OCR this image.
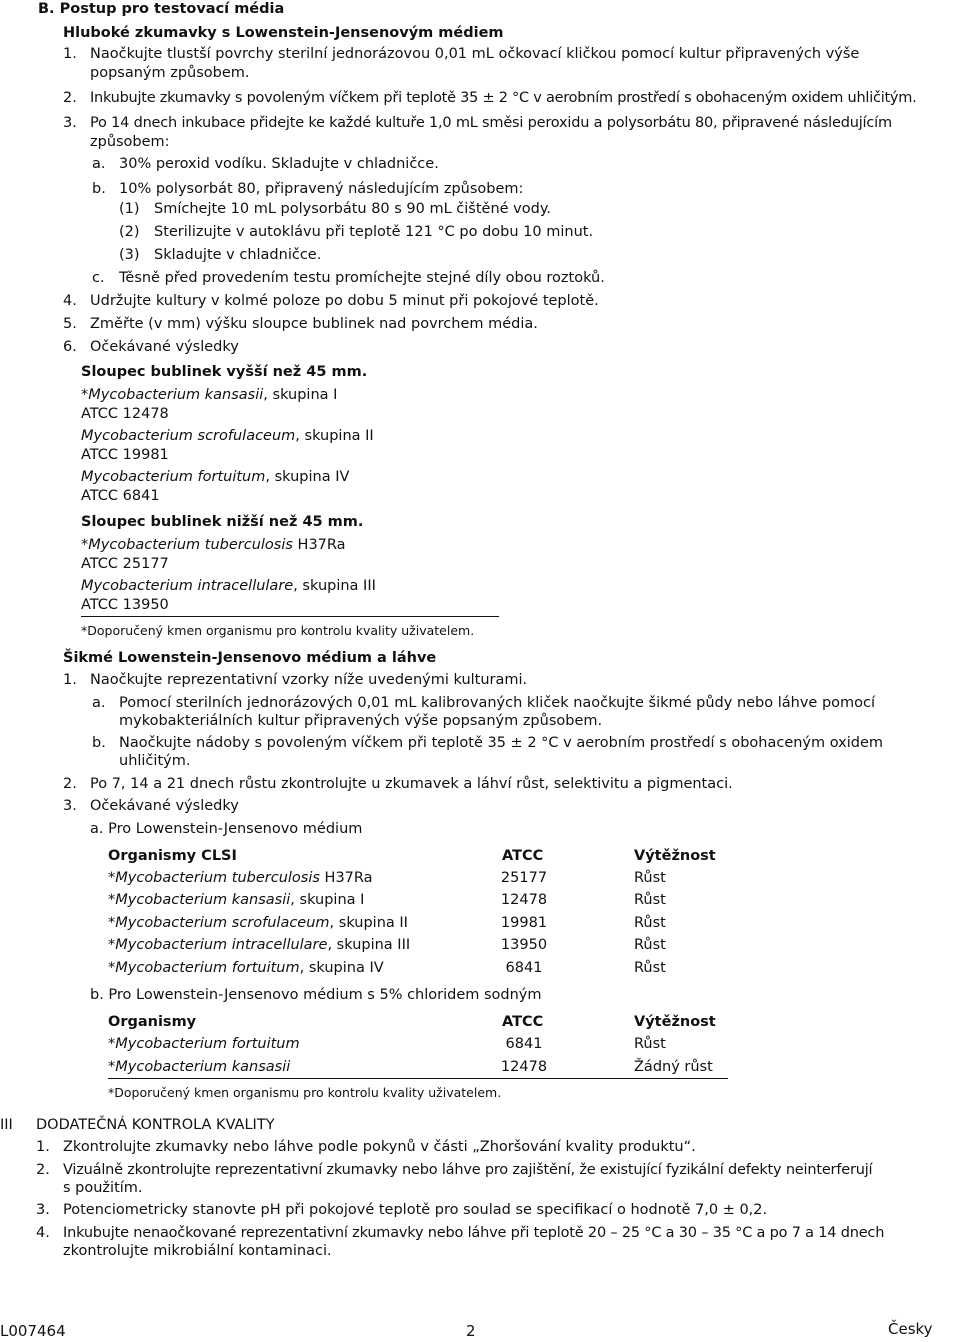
B. Postup pro testovací média
Hluboké zkumavky s Lowenstein-Jensenovým médiem
1. Naočkujte tlustší povrchy sterilní jednorázovou 0,01 mL očkovací kličkou pomocí kultur připravených výše
popsaným způsobem.
2. Inkubujte zkumavky s povoleným víčkem při teplotě 35 ± 2 °C v aerobním prostředí s obohaceným oxidem uhličitým.
3. Po 14 dnech inkubace přidejte ke každé kultuře 1,0 mL směsi peroxidu a polysorbátu 80, připravené následujícím
způsobem:
a. 30% peroxid vodíku. Skladujte v chladničce.
b. 10% polysorbát 80, připravený následujícím způsobem:
(1) Smíchejte 10 mL polysorbátu 80 s 90 mL čištěné vody.
(2) Sterilizujte v autoklávu při teplotě 121 °C po dobu 10 minut.
(3) Skladujte v chladničce.
c. Těsně před provedením testu promíchejte stejné díly obou roztoků.
4. Udržujte kultury v kolmé poloze po dobu 5 minut při pokojové teplotě.
5. Změřte (v mm) výšku sloupce bublinek nad povrchem média.
6. Očekávané výsledky
Sloupec bublinek vyšší než 45 mm.
*Mycobacterium kansasii, skupina I
ATCC 12478
Mycobacterium scrofulaceum, skupina II
ATCC 19981
Mycobacterium fortuitum, skupina IV
ATCC 6841
Sloupec bublinek nižší než 45 mm.
*Mycobacterium tuberculosis H37Ra
ATCC 25177
Mycobacterium intracellulare, skupina III
ATCC 13950
*Doporučený kmen organismu pro kontrolu kvality uživatelem.
Šikmé Lowenstein-Jensenovo médium a láhve
1. Naočkujte reprezentativní vzorky níže uvedenými kulturami.
a. Pomocí sterilních jednorázových 0,01 mL kalibrovaných kliček naočkujte šikmé půdy nebo láhve pomocí
mykobakteriálních kultur připravených výše popsaným způsobem.
b. Naočkujte nádoby s povoleným víčkem při teplotě 35 ± 2 °C v aerobním prostředí s obohaceným oxidem
uhličitým.
2. Po 7, 14 a 21 dnech růstu zkontrolujte u zkumavek a láhví růst, selektivitu a pigmentaci.
3. Očekávané výsledky
a. Pro Lowenstein-Jensenovo médium
Organismy CLSI	ATCC	Výtěžnost
*Mycobacterium tuberculosis H37Ra	25177	Růst
*Mycobacterium kansasii, skupina I	12478	Růst
*Mycobacterium scrofulaceum, skupina II	19981	Růst
*Mycobacterium intracellulare, skupina III	13950	Růst
*Mycobacterium fortuitum, skupina IV	6841	Růst
b. Pro Lowenstein-Jensenovo médium s 5% chloridem sodným
Organismy	ATCC	Výtěžnost
*Mycobacterium fortuitum	6841	Růst
*Mycobacterium kansasii	12478	Žádný růst
*Doporučený kmen organismu pro kontrolu kvality uživatelem.
III DODATEČNÁ KONTROLA KVALITY
1. Zkontrolujte zkumavky nebo láhve podle pokynů v části „Zhoršování kvality produktu“.
2. Vizuálně zkontrolujte reprezentativní zkumavky nebo láhve pro zajištění, že existující fyzikální defekty neinterferují
s použitím.
3. Potenciometricky stanovte pH při pokojové teplotě pro soulad se specifikací o hodnotě 7,0 ± 0,2.
4. Inkubujte nenaočkované reprezentativní zkumavky nebo láhve při teplotě 20 – 25 °C a 30 – 35 °C a po 7 a 14 dnech
zkontrolujte mikrobiální kontaminaci.
L007464	2	Česky
